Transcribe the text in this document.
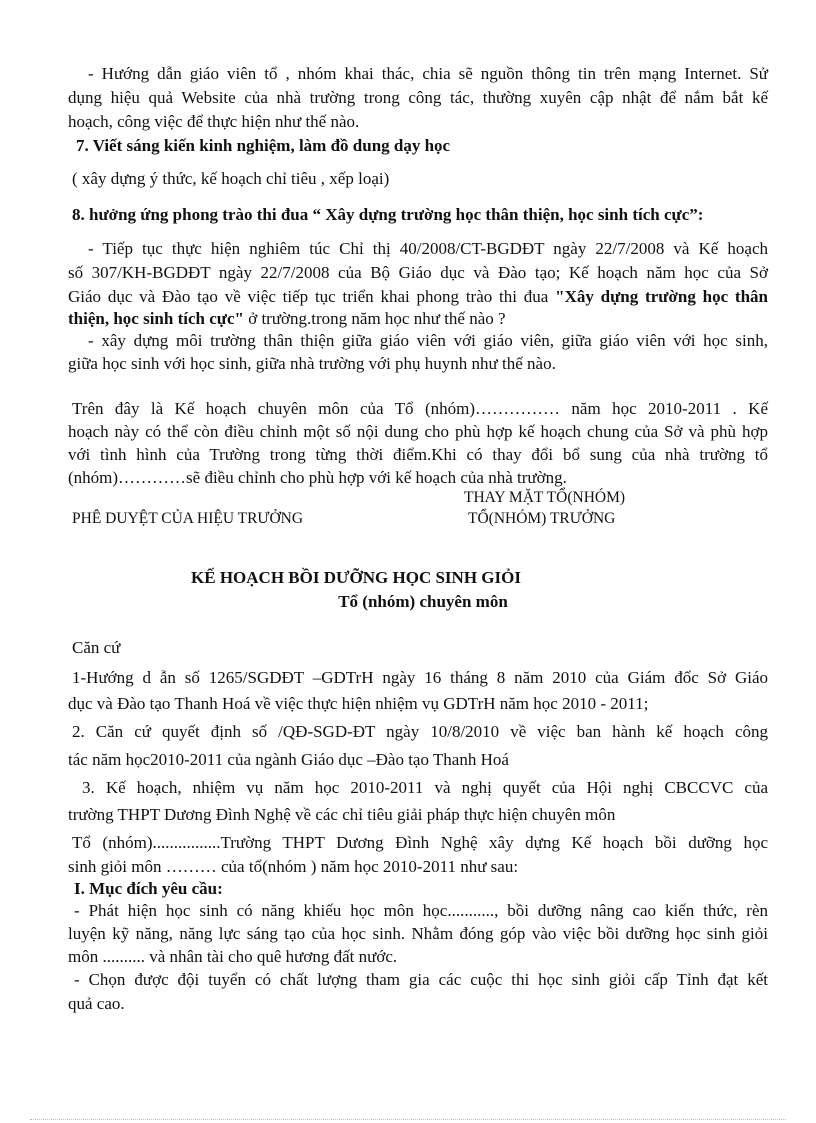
- Hướng dẫn giáo viên tổ , nhóm khai thác, chia sẽ nguồn thông tin trên mạng Internet. Sử
dụng hiệu quả Website của nhà trường trong công tác, thường xuyên cập nhật để nắm bắt kế
hoạch, công việc để thực hiện như thế nào.
7. Viết sáng kiến kinh nghiệm, làm đồ dung dạy học
( xây dựng ý thức, kế hoạch chỉ tiêu , xếp loại)
8. hưởng ứng phong trào thi đua “ Xây dựng trường học thân thiện, học sinh tích cực”:
- Tiếp tục thực hiện nghiêm túc Chỉ thị 40/2008/CT-BGDĐT ngày 22/7/2008 và Kế hoạch
số 307/KH-BGDĐT ngày 22/7/2008 của Bộ Giáo dục và Đào tạo; Kế hoạch năm học của Sở
Giáo dục và Đào tạo về việc tiếp tục triển khai phong trào thi đua "Xây dựng trường học thân
thiện, học sinh tích cực" ở trường.trong năm học như thế nào ?
- xây dựng môi trường thân thiện giữa giáo viên với giáo viên, giữa giáo viên với học sinh,
giữa học sinh với học sinh, giữa nhà trường với phụ huynh như thế nào.
Trên đây là Kế hoạch chuyên môn của Tổ (nhóm)…………… năm học 2010-2011 . Kế
hoạch này có thể còn điều chỉnh một số nội dung cho phù hợp kế hoạch chung của Sở và phù hợp
với tình hình của Trường trong từng thời điểm.Khi có thay đổi bổ sung của nhà trường tổ
(nhóm)…………sẽ điều chỉnh cho phù hợp với kế hoạch của nhà trường.
THAY MẶT TỔ(NHÓM)
PHÊ DUYỆT CỦA HIỆU TRƯỞNG	TỔ(NHÓM) TRƯỞNG
KẾ HOẠCH BỒI DƯỠNG HỌC SINH GIỎI
Tổ (nhóm) chuyên môn
Căn cứ
1-Hướng d ẫn số 1265/SGDĐT –GDTrH ngày 16 tháng 8 năm 2010 của Giám đốc Sở Giáo
dục và Đào tạo Thanh Hoá về việc thực hiện nhiệm vụ GDTrH năm học 2010 - 2011;
2. Căn cứ quyết định số /QĐ-SGD-ĐT ngày 10/8/2010 về việc ban hành kế hoạch công
tác năm học2010-2011 của ngành Giáo dục –Đào tạo Thanh Hoá
3. Kế hoạch, nhiệm vụ năm học 2010-2011 và nghị quyết của Hội nghị CBCCVC của
trường THPT Dương Đình Nghệ về các chỉ tiêu giải pháp thực hiện chuyên môn
Tổ (nhóm)................Trường THPT Dương Đình Nghệ xây dựng Kế hoạch bồi dưỡng học
sinh giỏi môn ……… của tổ(nhóm ) năm học 2010-2011 như sau:
I. Mục đích yêu cầu:
- Phát hiện học sinh có năng khiếu học môn học..........., bồi dưỡng nâng cao kiến thức, rèn
luyện kỹ năng, năng lực sáng tạo của học sinh. Nhằm đóng góp vào việc bồi dưỡng học sinh giỏi
môn .......... và nhân tài cho quê hương đất nước.
- Chọn được đội tuyển có chất lượng tham gia các cuộc thi học sinh giỏi cấp Tỉnh đạt kết
quả cao.
